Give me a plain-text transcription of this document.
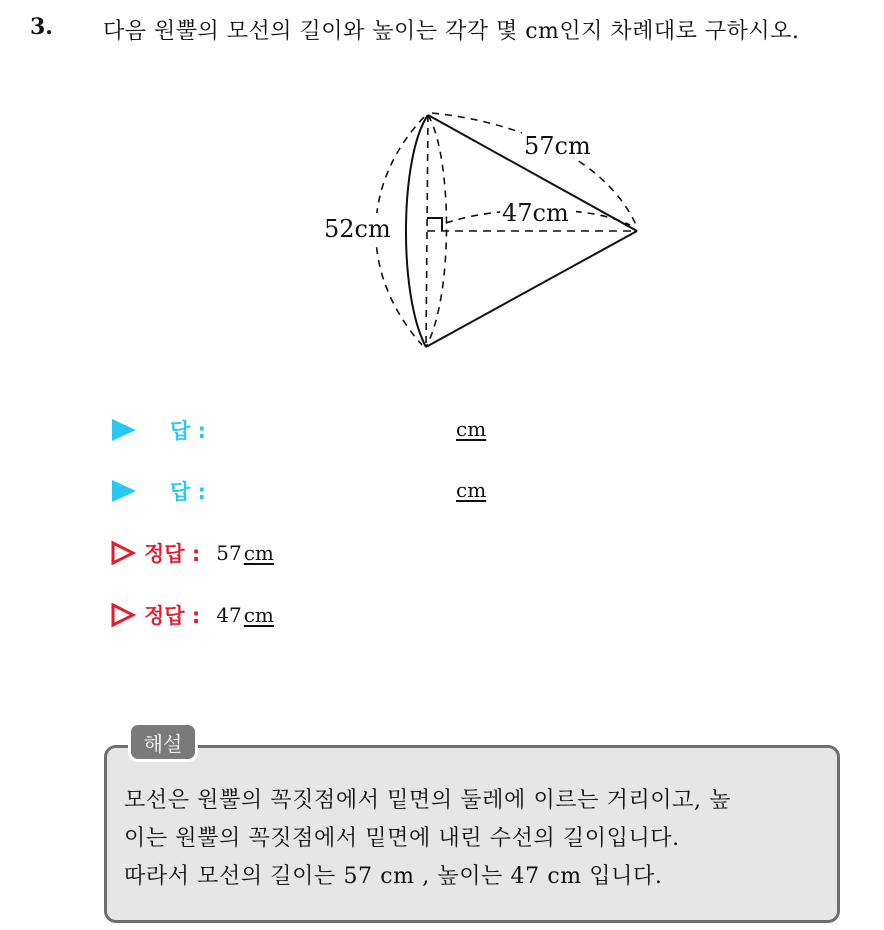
3. 다음 원뿔의 모선의 길이와 높이는 각각 몇 cm인지 차례대로 구하시오.
57cm
47cm
52cm
답 :	cm
답 :	cm
정답 : 57 cm
정답 : 47 cm
해설

모선은 원뿔의 꼭짓점에서 밑면의 둘레에 이르는 거리이고, 높

이는 원뿔의 꼭짓점에서 밑면에 내린 수선의 길이입니다.

따라서 모선의 길이는 57 cm , 높이는 47 cm 입니다.
